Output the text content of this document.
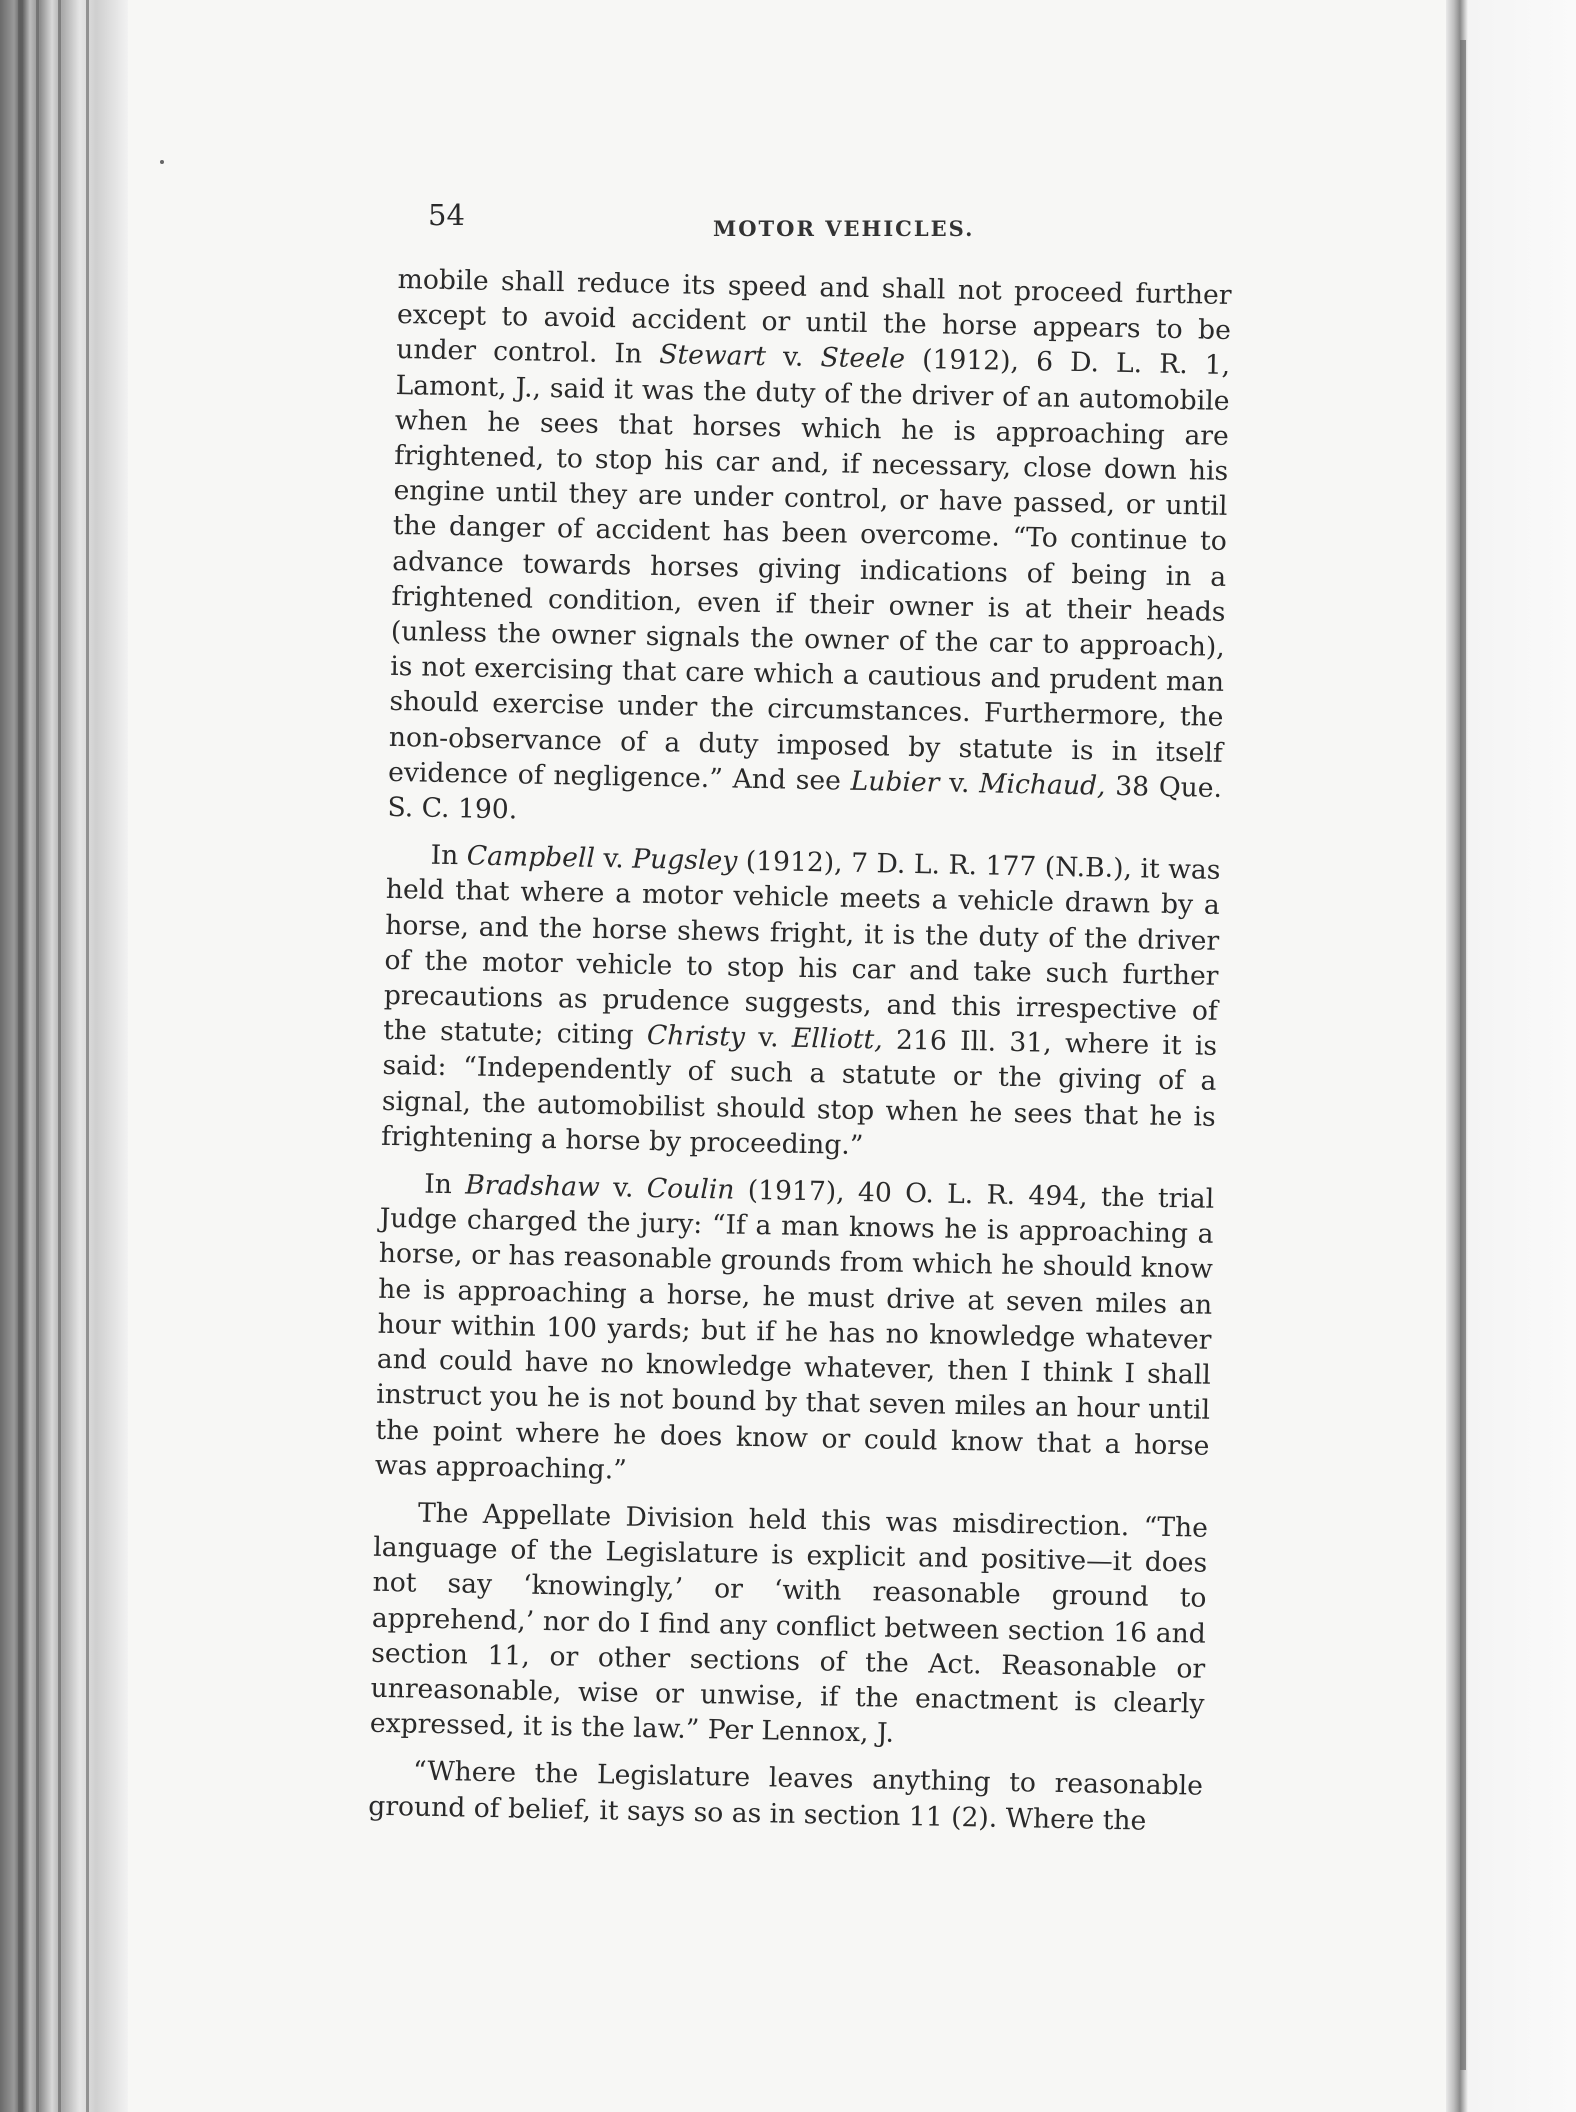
54	MOTOR VEHICLES.

mobile shall reduce its speed and shall not proceed further except to avoid accident or until the horse appears to be under control. In Stewart v. Steele (1912), 6 D. L. R. 1, Lamont, J., said it was the duty of the driver of an automobile when he sees that horses which he is approaching are frightened, to stop his car and, if necessary, close down his engine until they are under control, or have passed, or until the danger of accident has been overcome. “To continue to advance towards horses giving indications of being in a frightened condition, even if their owner is at their heads (unless the owner signals the owner of the car to approach), is not exercising that care which a cautious and prudent man should exercise under the circumstances. Furthermore, the non-observance of a duty imposed by statute is in itself evidence of negligence.” And see Lubier v. Michaud, 38 Que. S. C. 190.

In Campbell v. Pugsley (1912), 7 D. L. R. 177 (N.B.), it was held that where a motor vehicle meets a vehicle drawn by a horse, and the horse shews fright, it is the duty of the driver of the motor vehicle to stop his car and take such further precautions as prudence suggests, and this irrespective of the statute; citing Christy v. Elliott, 216 Ill. 31, where it is said: “Independently of such a statute or the giving of a signal, the automobilist should stop when he sees that he is frightening a horse by proceeding.”

In Bradshaw v. Coulin (1917), 40 O. L. R. 494, the trial Judge charged the jury: “If a man knows he is approaching a horse, or has reasonable grounds from which he should know he is approaching a horse, he must drive at seven miles an hour within 100 yards; but if he has no knowledge whatever and could have no knowledge whatever, then I think I shall instruct you he is not bound by that seven miles an hour until the point where he does know or could know that a horse was approaching.”

The Appellate Division held this was misdirection. “The language of the Legislature is explicit and positive—it does not say ‘knowingly,’ or ‘with reasonable ground to apprehend,’ nor do I find any conflict between section 16 and section 11, or other sections of the Act. Reasonable or unreasonable, wise or unwise, if the enactment is clearly expressed, it is the law.” Per Lennox, J.

“Where the Legislature leaves anything to reasonable ground of belief, it says so as in section 11 (2). Where the
